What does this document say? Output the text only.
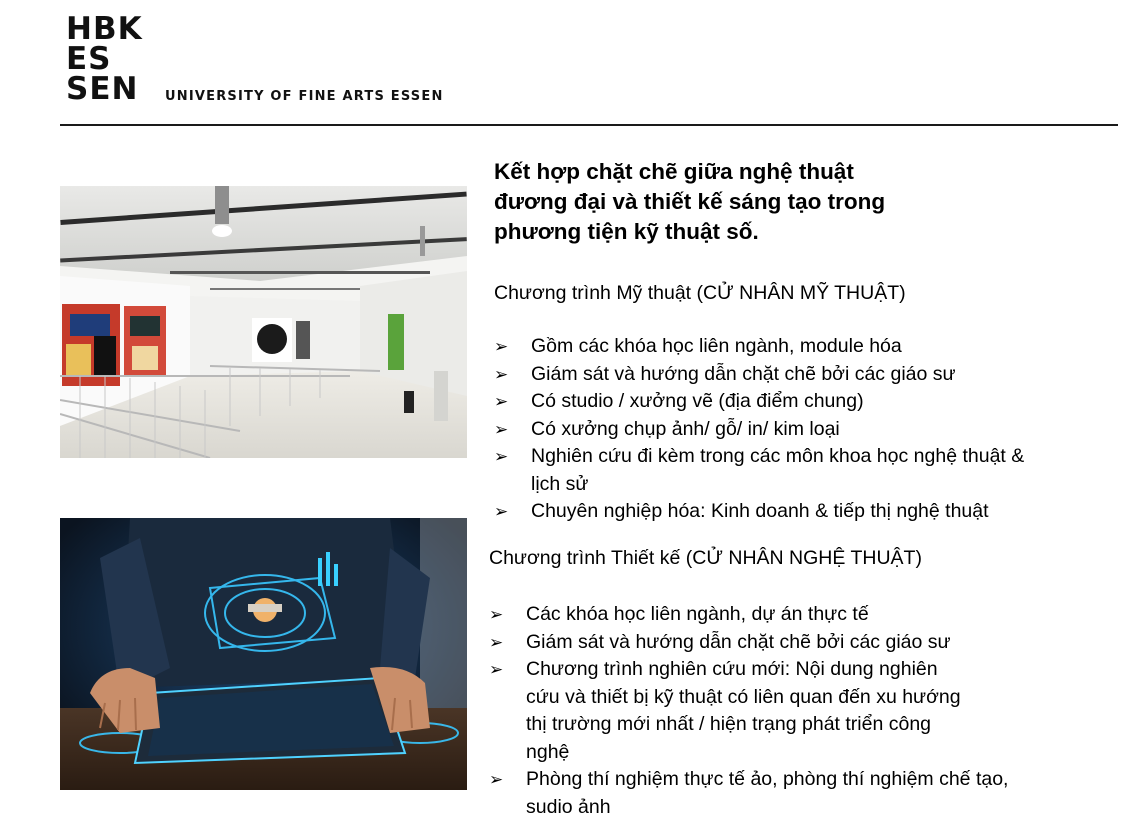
HBK
ES
SEN	UNIVERSITY OF FINE ARTS ESSEN
Kết hợp chặt chẽ giữa nghệ thuật
đương đại và thiết kế sáng tạo trong
phương tiện kỹ thuật số.
Chương trình Mỹ thuật (CỬ NHÂN MỸ THUẬT)
➢ Gồm các khóa học liên ngành, module hóa
➢ Giám sát và hướng dẫn chặt chẽ bởi các giáo sư
➢ Có studio / xưởng vẽ (địa điểm chung)
➢ Có xưởng chụp ảnh/ gỗ/ in/ kim loại
➢ Nghiên cứu đi kèm trong các môn khoa học nghệ thuật &
lịch sử
➢ Chuyên nghiệp hóa: Kinh doanh & tiếp thị nghệ thuật
Chương trình Thiết kế (CỬ NHÂN NGHỆ THUẬT)
➢ Các khóa học liên ngành, dự án thực tế
➢ Giám sát và hướng dẫn chặt chẽ bởi các giáo sư
➢ Chương trình nghiên cứu mới: Nội dung nghiên
cứu và thiết bị kỹ thuật có liên quan đến xu hướng
thị trường mới nhất / hiện trạng phát triển công
nghệ
➢ Phòng thí nghiệm thực tế ảo, phòng thí nghiệm chế tạo,
sudio ảnh
